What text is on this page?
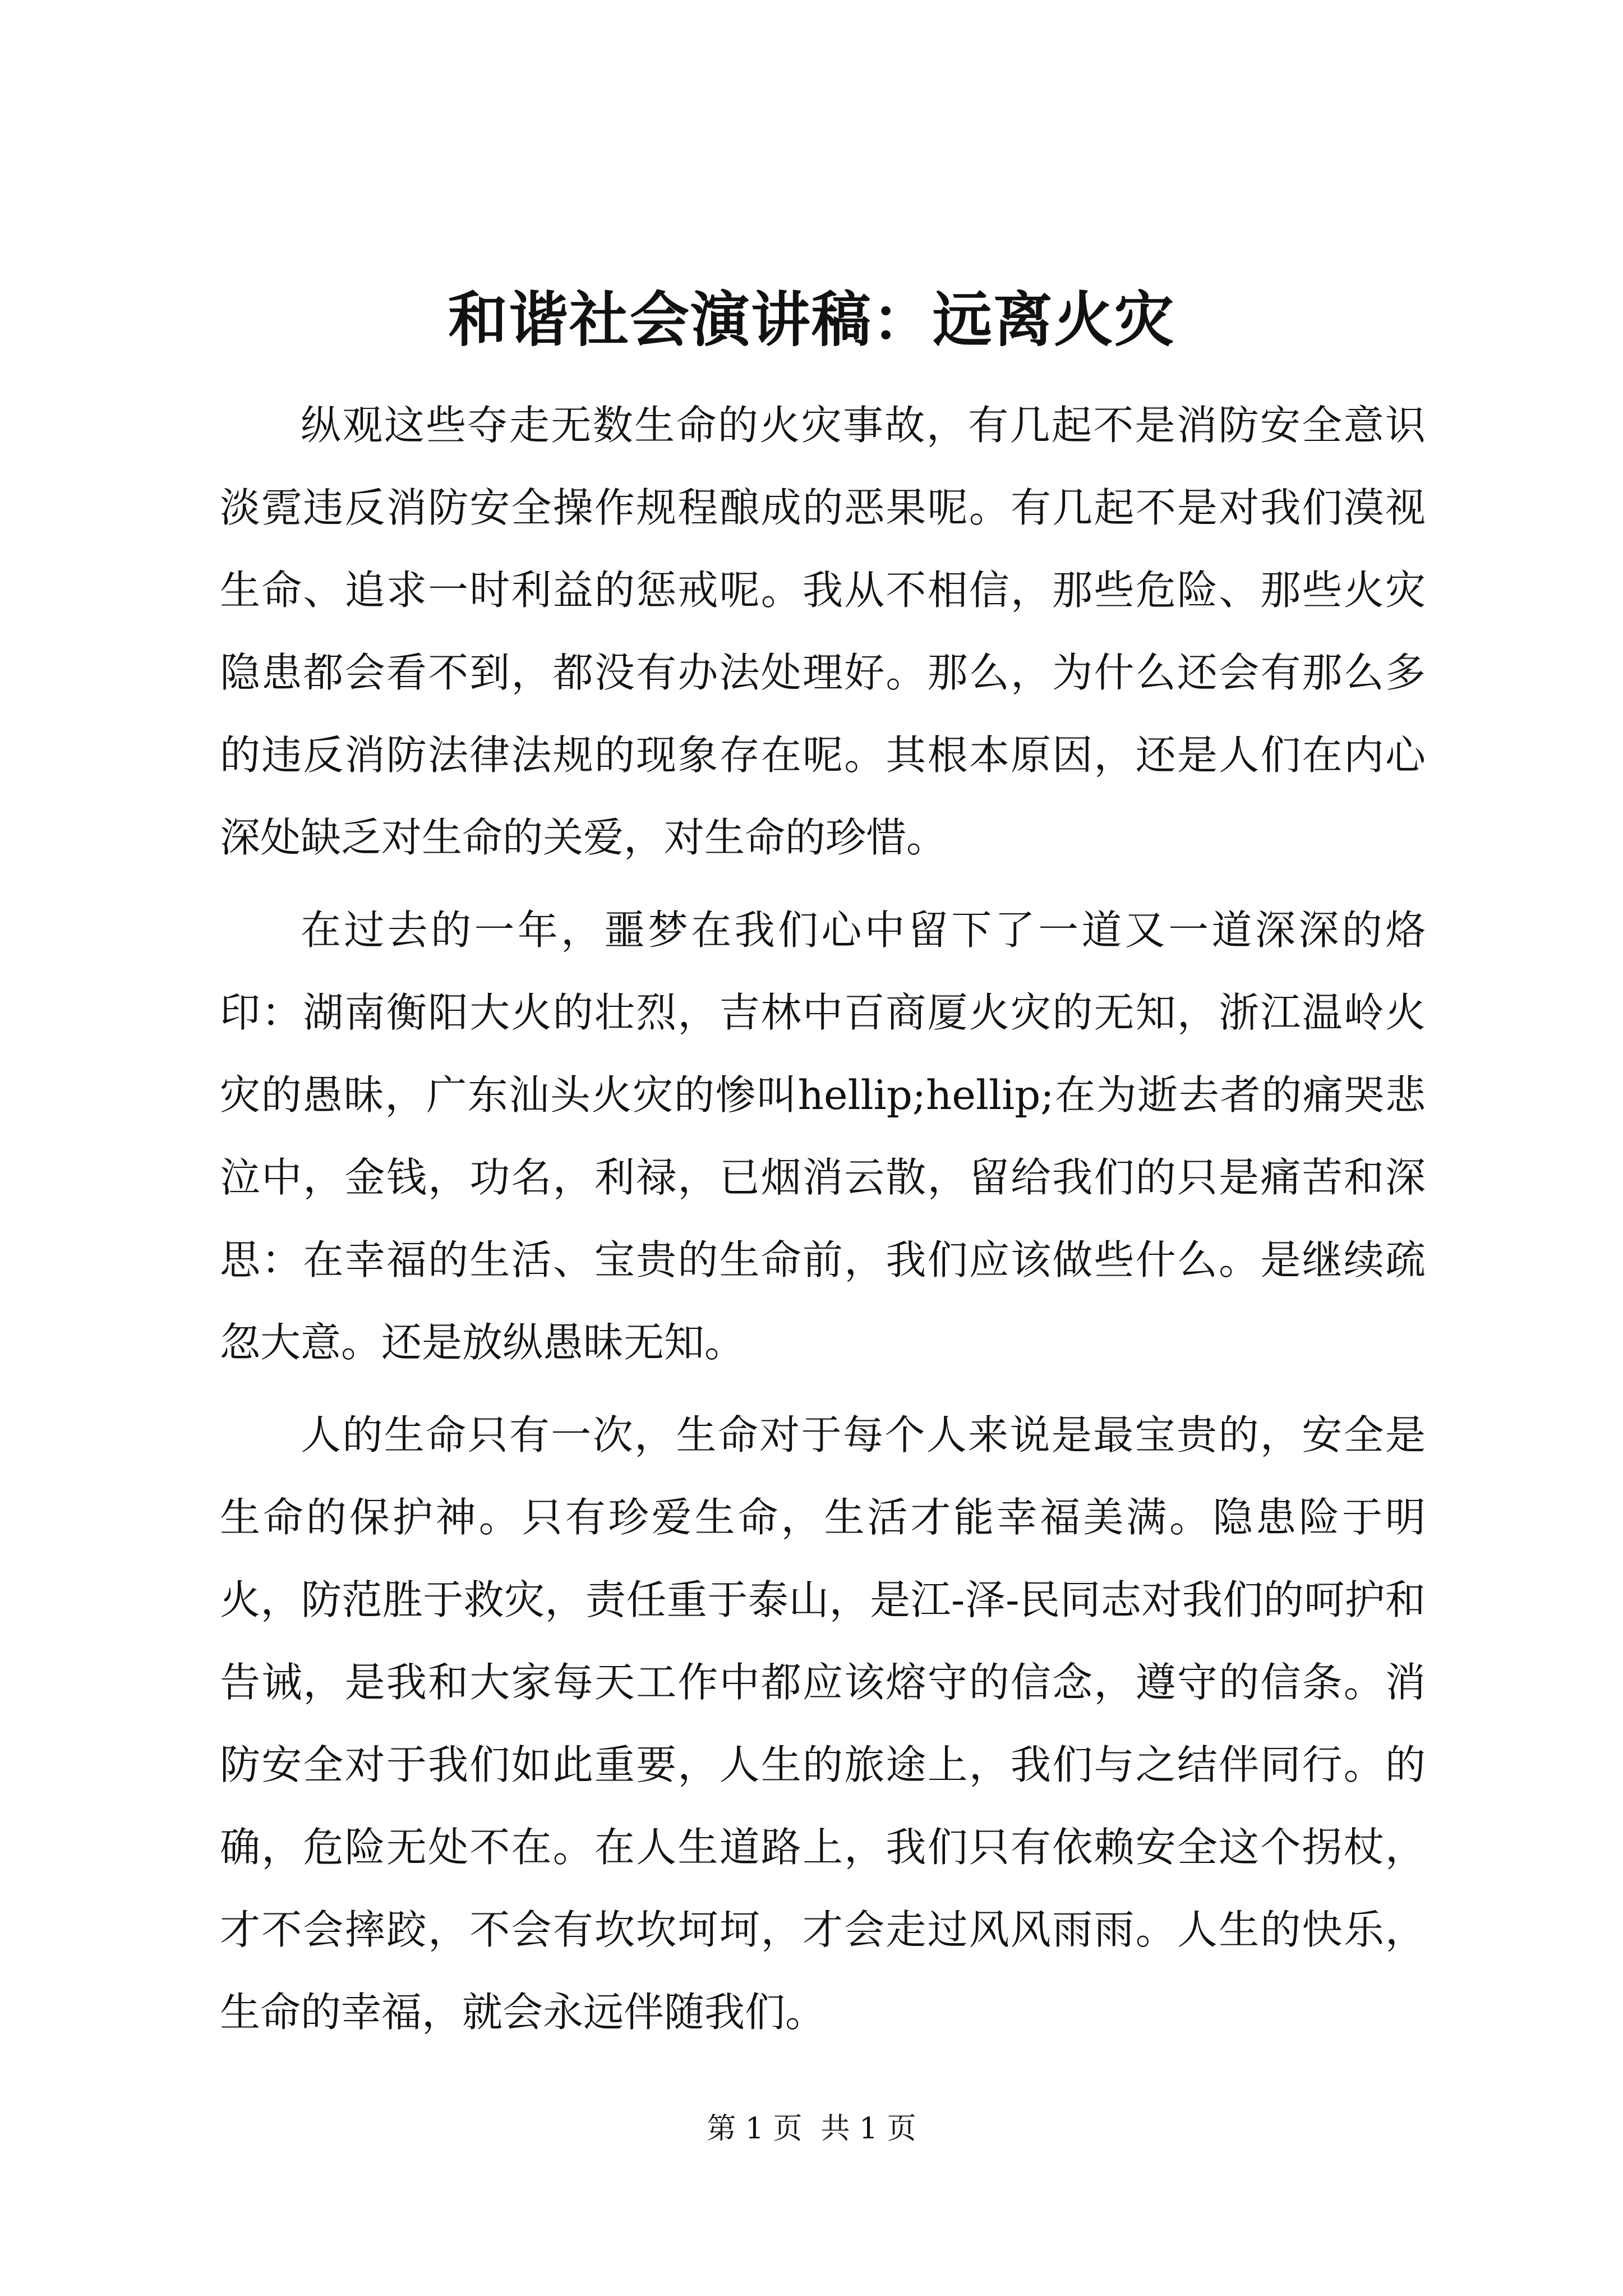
和谐社会演讲稿：远离火灾

纵观这些夺走无数生命的火灾事故，有几起不是消防安全意识淡霓违反消防安全操作规程酿成的恶果呢。有几起不是对我们漠视生命、追求一时利益的惩戒呢。我从不相信，那些危险、那些火灾隐患都会看不到，都没有办法处理好。那么，为什么还会有那么多的违反消防法律法规的现象存在呢。其根本原因，还是人们在内心深处缺乏对生命的关爱，对生命的珍惜。

在过去的一年，噩梦在我们心中留下了一道又一道深深的烙印：湖南衡阳大火的壮烈，吉林中百商厦火灾的无知，浙江温岭火灾的愚昧，广东汕头火灾的惨叫hellip;hellip;在为逝去者的痛哭悲泣中，金钱，功名，利禄，已烟消云散，留给我们的只是痛苦和深思：在幸福的生活、宝贵的生命前，我们应该做些什么。是继续疏忽大意。还是放纵愚昧无知。

人的生命只有一次，生命对于每个人来说是最宝贵的，安全是生命的保护神。只有珍爱生命，生活才能幸福美满。隐患险于明火，防范胜于救灾，责任重于泰山，是江-泽-民同志对我们的呵护和告诫，是我和大家每天工作中都应该熔守的信念，遵守的信条。消防安全对于我们如此重要，人生的旅途上，我们与之结伴同行。的确，危险无处不在。在人生道路上，我们只有依赖安全这个拐杖，才不会摔跤，不会有坎坎坷坷，才会走过风风雨雨。人生的快乐，生命的幸福，就会永远伴随我们。

第 1 页  共 1 页
